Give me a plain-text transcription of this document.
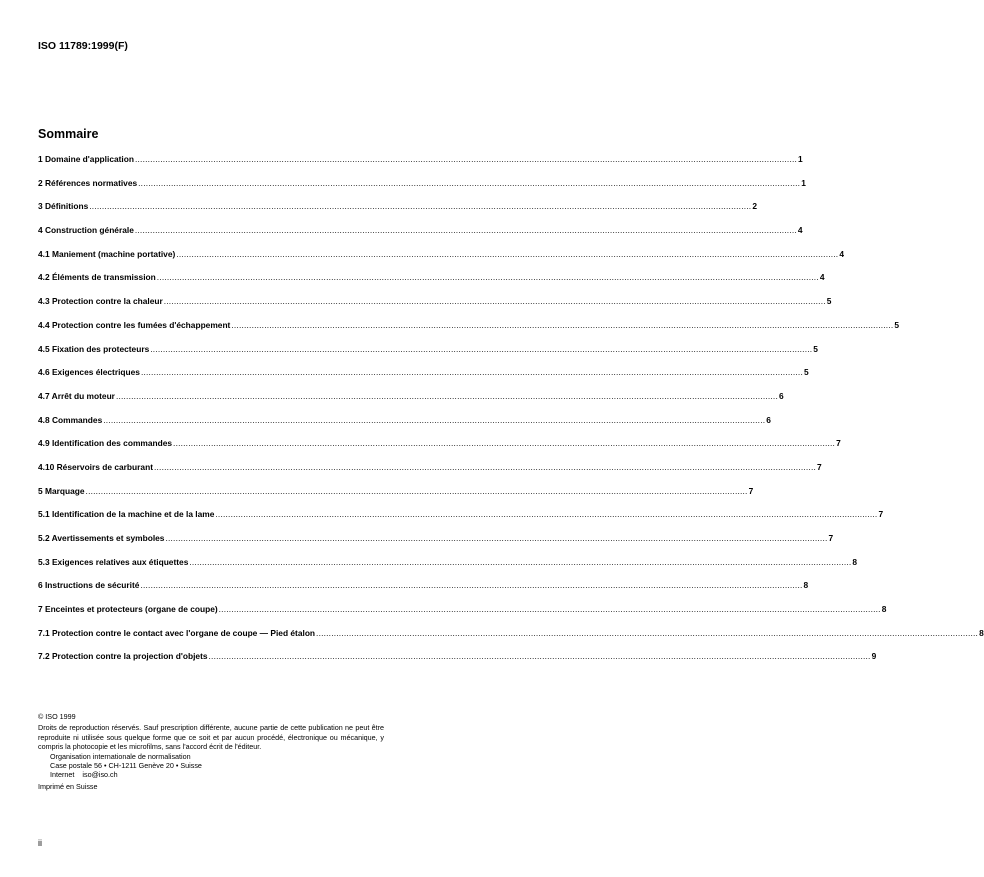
ISO 11789:1999(F)
Sommaire
1 Domaine d'application ...................................................................................................................................................................................................................................................................... 1
2 Références normatives ...................................................................................................................................................................................................................................................................... 1
3 Définitions ...................................................................................................................................................................................................................................................................... 2
4 Construction générale ...................................................................................................................................................................................................................................................................... 4
4.1 Maniement (machine portative) ...................................................................................................................................................................................................................................................................... 4
4.2 Éléments de transmission ...................................................................................................................................................................................................................................................................... 4
4.3 Protection contre la chaleur ...................................................................................................................................................................................................................................................................... 5
4.4 Protection contre les fumées d'échappement ...................................................................................................................................................................................................................................................................... 5
4.5 Fixation des protecteurs ...................................................................................................................................................................................................................................................................... 5
4.6 Exigences électriques ...................................................................................................................................................................................................................................................................... 5
4.7 Arrêt du moteur ...................................................................................................................................................................................................................................................................... 6
4.8 Commandes ...................................................................................................................................................................................................................................................................... 6
4.9 Identification des commandes ...................................................................................................................................................................................................................................................................... 7
4.10 Réservoirs de carburant ...................................................................................................................................................................................................................................................................... 7
5 Marquage ...................................................................................................................................................................................................................................................................... 7
5.1 Identification de la machine et de la lame ...................................................................................................................................................................................................................................................................... 7
5.2 Avertissements et symboles ...................................................................................................................................................................................................................................................................... 7
5.3 Exigences relatives aux étiquettes ...................................................................................................................................................................................................................................................................... 8
6 Instructions de sécurité ...................................................................................................................................................................................................................................................................... 8
7 Enceintes et protecteurs (organe de coupe) ...................................................................................................................................................................................................................................................................... 8
7.1 Protection contre le contact avec l'organe de coupe — Pied étalon ...................................................................................................................................................................................................................................................................... 8
7.2 Protection contre la projection d'objets ...................................................................................................................................................................................................................................................................... 9
© ISO 1999
Droits de reproduction réservés. Sauf prescription différente, aucune partie de cette publication ne peut être reproduite ni utilisée sous quelque forme que ce soit et par aucun procédé, électronique ou mécanique, y compris la photocopie et les microfilms, sans l'accord écrit de l'éditeur.
Organisation internationale de normalisation
Case postale 56 • CH-1211 Genève 20 • Suisse
Internet iso@iso.ch
Imprimé en Suisse
ii
